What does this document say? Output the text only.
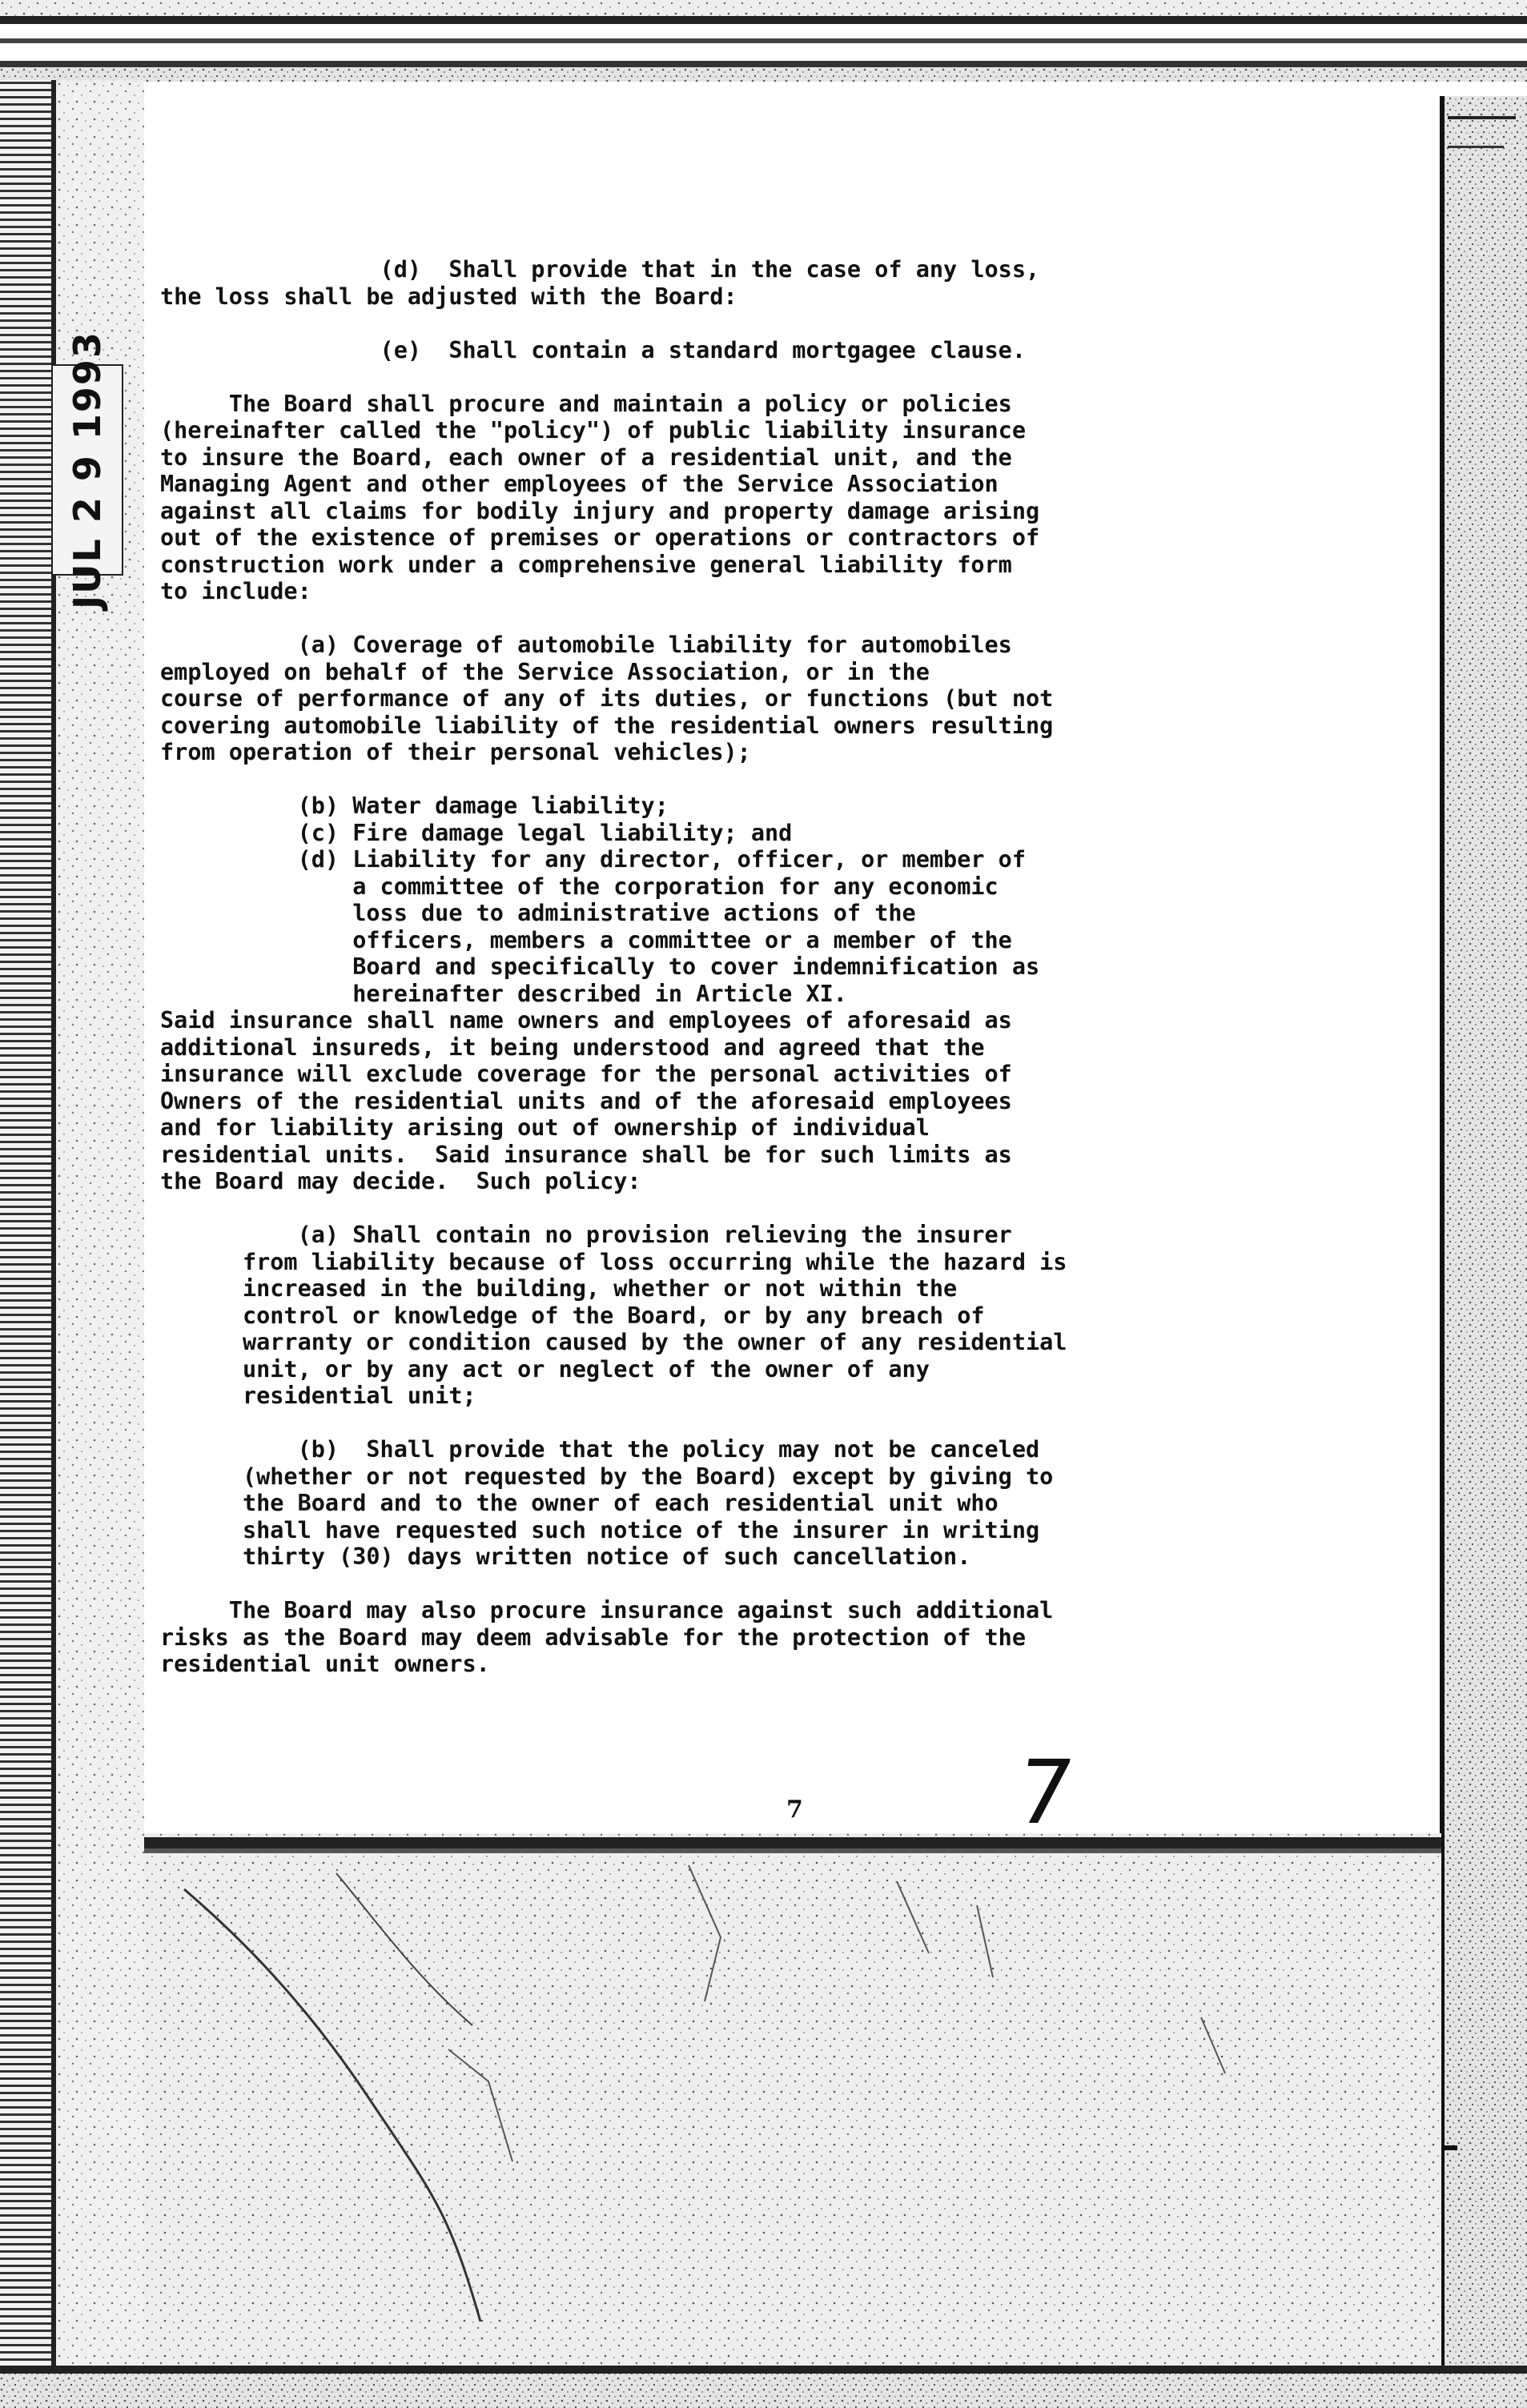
JUL 2 9 1993

(d)  Shall provide that in the case of any loss,

the loss shall be adjusted with the Board:

(e)  Shall contain a standard mortgagee clause.

The Board shall procure and maintain a policy or policies

(hereinafter called the "policy") of public liability insurance

to insure the Board, each owner of a residential unit, and the

Managing Agent and other employees of the Service Association

against all claims for bodily injury and property damage arising

out of the existence of premises or operations or contractors of

construction work under a comprehensive general liability form

to include:

(a) Coverage of automobile liability for automobiles

employed on behalf of the Service Association, or in the

course of performance of any of its duties, or functions (but not

covering automobile liability of the residential owners resulting

from operation of their personal vehicles);

(b) Water damage liability;

(c) Fire damage legal liability; and

(d) Liability for any director, officer, or member of

a committee of the corporation for any economic

loss due to administrative actions of the

officers, members a committee or a member of the

Board and specifically to cover indemnification as

hereinafter described in Article XI.

Said insurance shall name owners and employees of aforesaid as

additional insureds, it being understood and agreed that the

insurance will exclude coverage for the personal activities of

Owners of the residential units and of the aforesaid employees

and for liability arising out of ownership of individual

residential units.  Said insurance shall be for such limits as

the Board may decide.  Such policy:

(a) Shall contain no provision relieving the insurer

from liability because of loss occurring while the hazard is

increased in the building, whether or not within the

control or knowledge of the Board, or by any breach of

warranty or condition caused by the owner of any residential

unit, or by any act or neglect of the owner of any

residential unit;

(b)  Shall provide that the policy may not be canceled

(whether or not requested by the Board) except by giving to

the Board and to the owner of each residential unit who

shall have requested such notice of the insurer in writing

thirty (30) days written notice of such cancellation.

The Board may also procure insurance against such additional

risks as the Board may deem advisable for the protection of the

residential unit owners.

7 7
